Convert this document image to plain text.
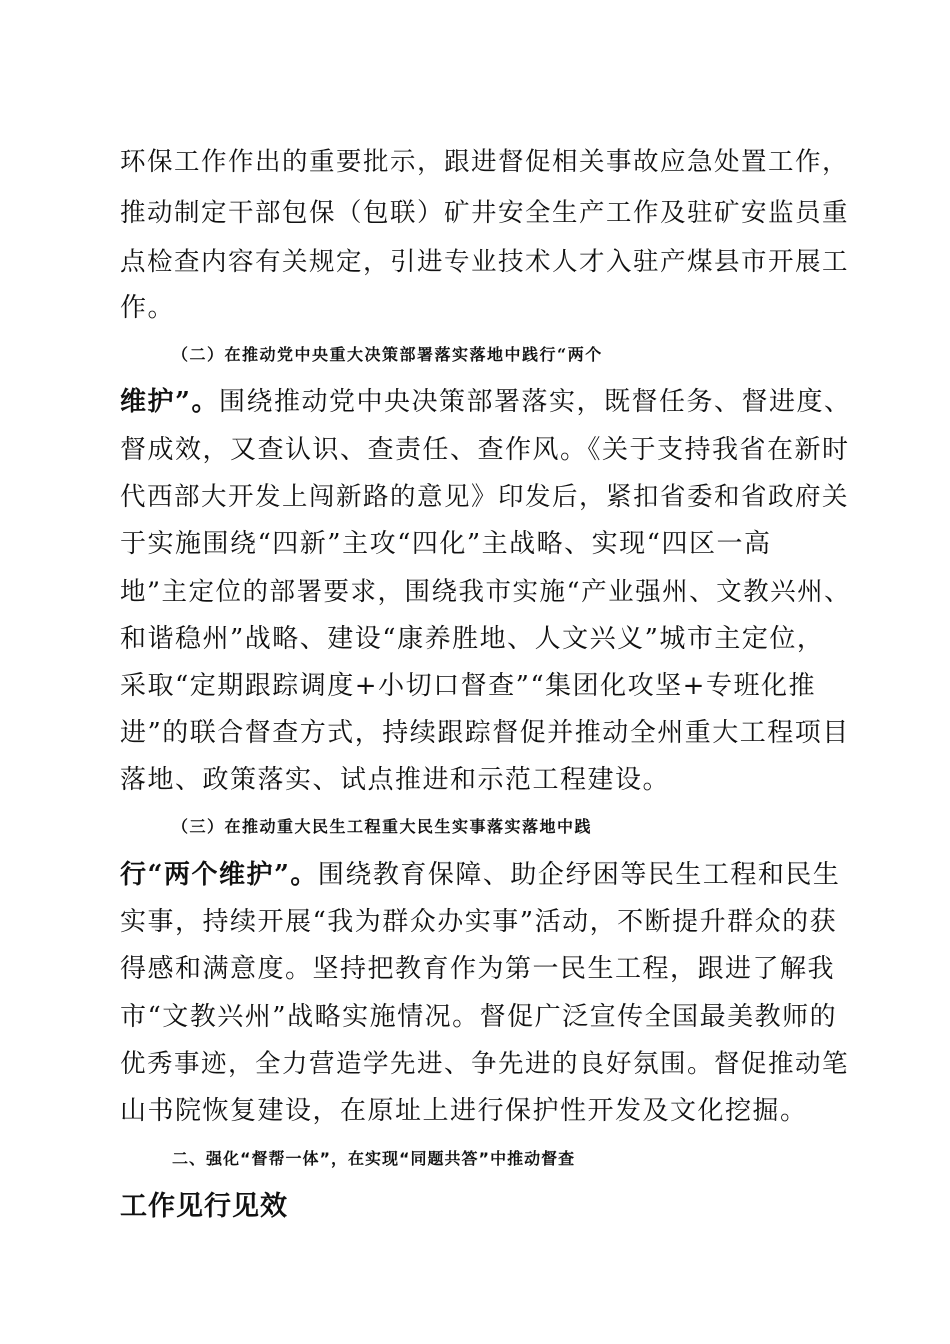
环保工作作出的重要批示，跟进督促相关事故应急处置工作，
推动制定干部包保（包联）矿井安全生产工作及驻矿安监员重
点检查内容有关规定，引进专业技术人才入驻产煤县市开展工
作。
（二）在推动党中央重大决策部署落实落地中践行“两个
维护”。围绕推动党中央决策部署落实，既督任务、督进度、
督成效，又查认识、查责任、查作风。《关于支持我省在新时
代西部大开发上闯新路的意见》印发后，紧扣省委和省政府关
于实施围绕“四新”主攻“四化”主战略、实现“四区一高
地”主定位的部署要求，围绕我市实施“产业强州、文教兴州、
和谐稳州”战略、建设“康养胜地、人文兴义”城市主定位，
采取“定期跟踪调度+小切口督查”“集团化攻坚+专班化推
进”的联合督查方式，持续跟踪督促并推动全州重大工程项目
落地、政策落实、试点推进和示范工程建设。
（三）在推动重大民生工程重大民生实事落实落地中践
行“两个维护”。围绕教育保障、助企纾困等民生工程和民生
实事，持续开展“我为群众办实事”活动，不断提升群众的获
得感和满意度。坚持把教育作为第一民生工程，跟进了解我
市“文教兴州”战略实施情况。督促广泛宣传全国最美教师的
优秀事迹，全力营造学先进、争先进的良好氛围。督促推动笔
山书院恢复建设，在原址上进行保护性开发及文化挖掘。
二、强化“督帮一体”，在实现“同题共答”中推动督查
工作见行见效
